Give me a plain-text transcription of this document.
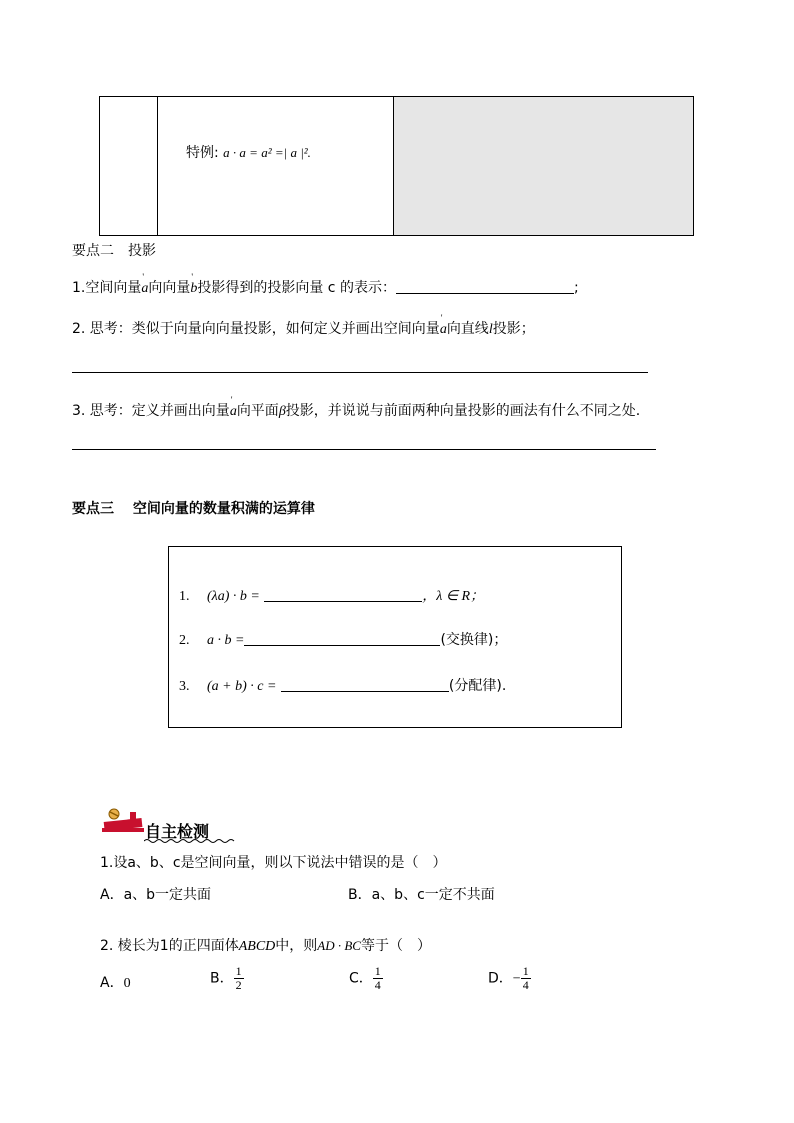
特例: a · a = a² =| a |².
要点二　投影
1.空间向量' a向向量' b投影得到的投影向量 c 的表示：	;
2. 思考：类似于向量向向量投影，如何定义并画出空间向量' a向直线l投影；
3. 思考：定义并画出向量' a向平面β投影，并说说与前面两种向量投影的画法有什么不同之处.
要点三　 空间向量的数量积满的运算律
1. (λa) · b =	，λ ∈ R；
2. a · b =	(交换律)；
3. (a + b) · c =	(分配律).
自主检测
1.设a、b、c是空间向量，则以下说法中错误的是（　）
A．a、b一定共面	B．a、b、c一定不共面
2. 棱长为1的正四面体ABCD中，则AD · BC等于（　）
A．0	B． $\frac{1}{2}$	C． $\frac{1}{4}$	D．− $\frac{1}{4}$
